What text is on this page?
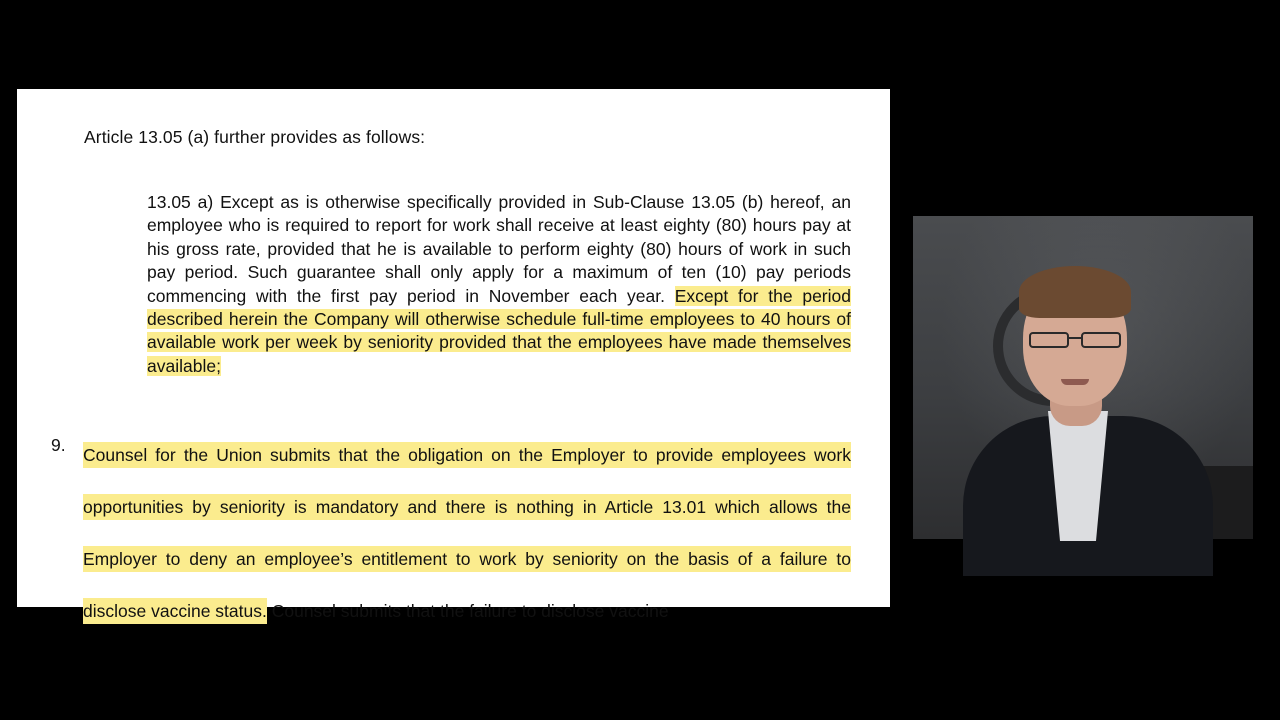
Article 13.05 (a) further provides as follows:
13.05 a) Except as is otherwise specifically provided in Sub-Clause 13.05 (b) hereof, an employee who is required to report for work shall receive at least eighty (80) hours pay at his gross rate, provided that he is available to perform eighty (80) hours of work in such pay period. Such guarantee shall only apply for a maximum of ten (10) pay periods commencing with the first pay period in November each year. Except for the period described herein the Company will otherwise schedule full-time employees to 40 hours of available work per week by seniority provided that the employees have made themselves available;
9. Counsel for the Union submits that the obligation on the Employer to provide employees work opportunities by seniority is mandatory and there is nothing in Article 13.01 which allows the Employer to deny an employee’s entitlement to work by seniority on the basis of a failure to disclose vaccine status. Counsel submits that the failure to disclose vaccine
